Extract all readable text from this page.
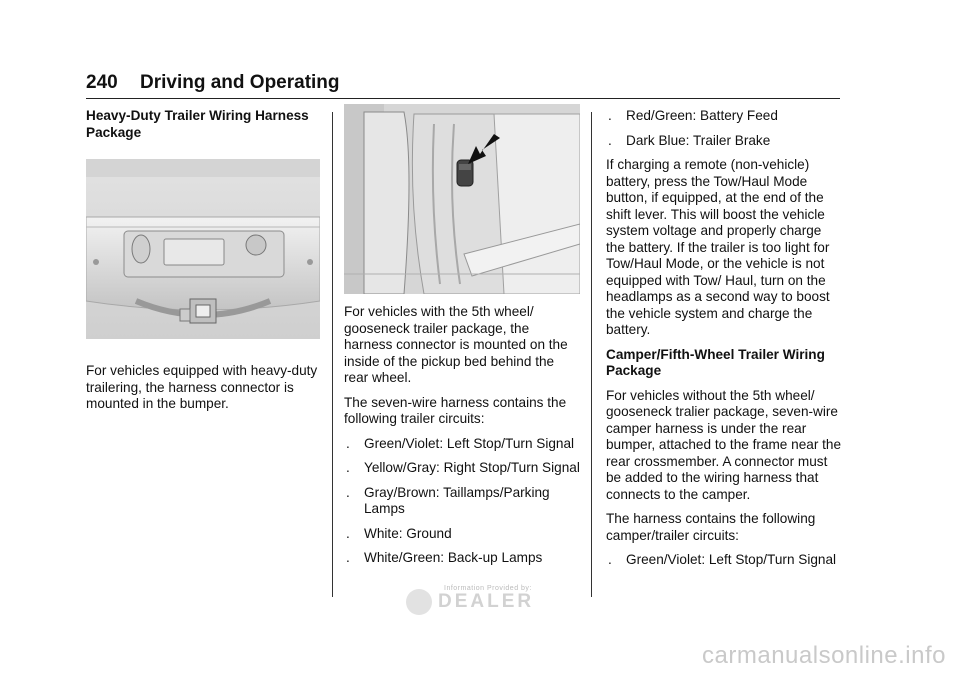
240 Driving and Operating
Heavy-Duty Trailer Wiring Harness Package

For vehicles equipped with heavy-duty trailering, the harness connector is mounted in the bumper.

For vehicles with the 5th wheel/ gooseneck trailer package, the harness connector is mounted on the inside of the pickup bed behind the rear wheel.

The seven-wire harness contains the following trailer circuits:

.	Green/Violet: Left Stop/Turn Signal
.	Yellow/Gray: Right Stop/Turn Signal
.	Gray/Brown: Taillamps/Parking Lamps
.	White: Ground
.	White/Green: Back-up Lamps
.	Red/Green: Battery Feed
.	Dark Blue: Trailer Brake

If charging a remote (non-vehicle) battery, press the Tow/Haul Mode button, if equipped, at the end of the shift lever. This will boost the vehicle system voltage and properly charge the battery. If the trailer is too light for Tow/Haul Mode, or the vehicle is not equipped with Tow/ Haul, turn on the headlamps as a second way to boost the vehicle system and charge the battery.

Camper/Fifth-Wheel Trailer Wiring Package

For vehicles without the 5th wheel/ gooseneck tralier package, seven-wire camper harness is under the rear bumper, attached to the frame near the rear crossmember. A connector must be added to the wiring harness that connects to the camper.

The harness contains the following camper/trailer circuits:

.	Green/Violet: Left Stop/Turn Signal
Information Provided by:
DEALER
carmanualsonline.info
